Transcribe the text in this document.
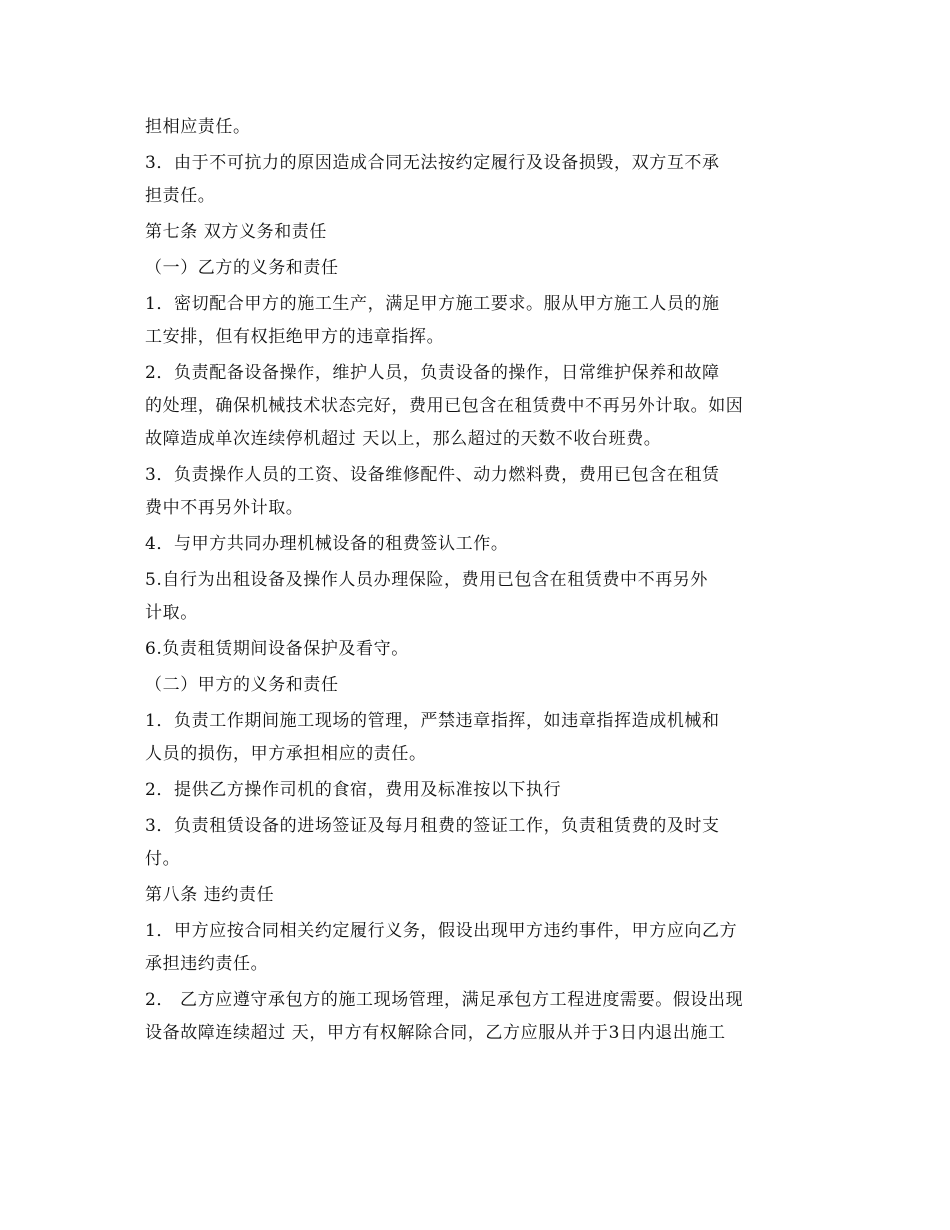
担相应责任。
3．由于不可抗力的原因造成合同无法按约定履行及设备损毁，双方互不承
担责任。
第七条 双方义务和责任
（一）乙方的义务和责任
1．密切配合甲方的施工生产，满足甲方施工要求。服从甲方施工人员的施
工安排，但有权拒绝甲方的违章指挥。
2．负责配备设备操作，维护人员，负责设备的操作，日常维护保养和故障
的处理，确保机械技术状态完好，费用已包含在租赁费中不再另外计取。如因
故障造成单次连续停机超过 天以上，那么超过的天数不收台班费。
3．负责操作人员的工资、设备维修配件、动力燃料费，费用已包含在租赁
费中不再另外计取。
4．与甲方共同办理机械设备的租费签认工作。
5.自行为出租设备及操作人员办理保险，费用已包含在租赁费中不再另外
计取。
6.负责租赁期间设备保护及看守。
（二）甲方的义务和责任
1．负责工作期间施工现场的管理，严禁违章指挥，如违章指挥造成机械和
人员的损伤，甲方承担相应的责任。
2．提供乙方操作司机的食宿，费用及标准按以下执行
3．负责租赁设备的进场签证及每月租费的签证工作，负责租赁费的及时支
付。
第八条 违约责任
1．甲方应按合同相关约定履行义务，假设出现甲方违约事件，甲方应向乙方
承担违约责任。
2． 乙方应遵守承包方的施工现场管理，满足承包方工程进度需要。假设出现
设备故障连续超过 天，甲方有权解除合同，乙方应服从并于3日内退出施工
